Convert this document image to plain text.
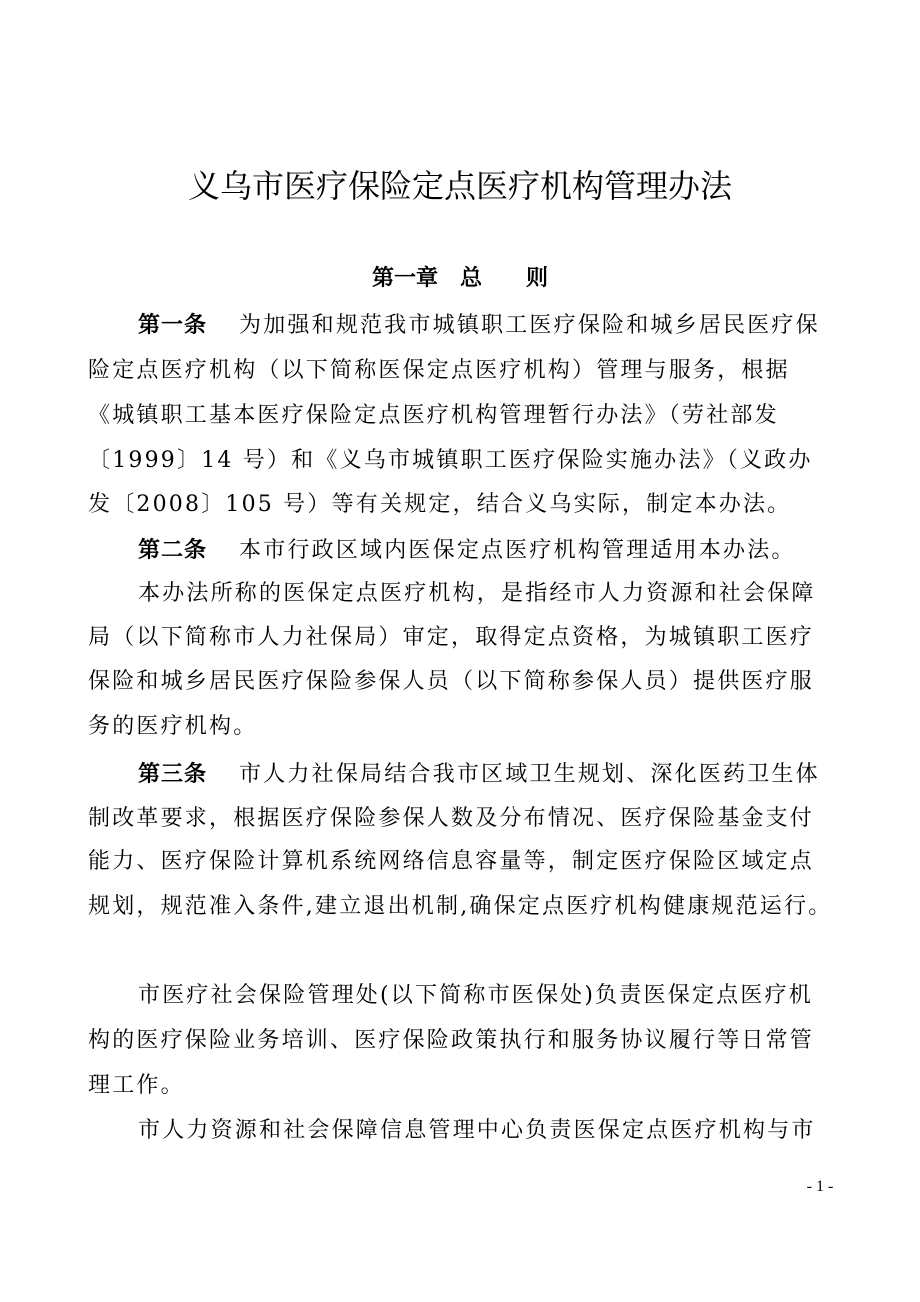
义乌市医疗保险定点医疗机构管理办法
第一章 总 则
第一条 为加强和规范我市城镇职工医疗保险和城乡居民医疗保
险定点医疗机构（以下简称医保定点医疗机构）管理与服务，根据
《城镇职工基本医疗保险定点医疗机构管理暂行办法》（劳社部发
〔1999〕14 号）和《义乌市城镇职工医疗保险实施办法》（义政办
发〔2008〕105 号）等有关规定，结合义乌实际，制定本办法。
第二条 本市行政区域内医保定点医疗机构管理适用本办法。
本办法所称的医保定点医疗机构，是指经市人力资源和社会保障
局（以下简称市人力社保局）审定，取得定点资格，为城镇职工医疗
保险和城乡居民医疗保险参保人员（以下简称参保人员）提供医疗服
务的医疗机构。
第三条 市人力社保局结合我市区域卫生规划、深化医药卫生体
制改革要求，根据医疗保险参保人数及分布情况、医疗保险基金支付
能力、医疗保险计算机系统网络信息容量等，制定医疗保险区域定点
规划，规范准入条件,建立退出机制,确保定点医疗机构健康规范运行。
市医疗社会保险管理处(以下简称市医保处)负责医保定点医疗机
构的医疗保险业务培训、医疗保险政策执行和服务协议履行等日常管
理工作。
市人力资源和社会保障信息管理中心负责医保定点医疗机构与市
- 1 -
